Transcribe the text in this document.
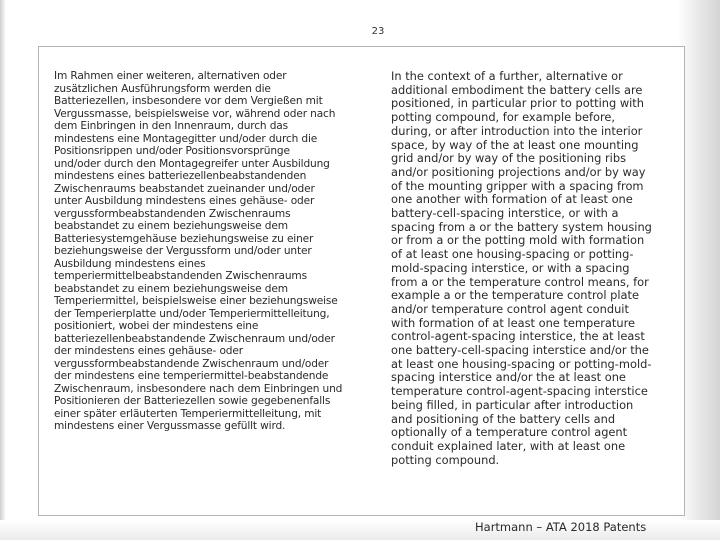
23

Im Rahmen einer weiteren, alternativen oder
zusätzlichen Ausführungsform werden die
Batteriezellen, insbesondere vor dem Vergießen mit
Vergussmasse, beispielsweise vor, während oder nach
dem Einbringen in den Innenraum, durch das
mindestens eine Montagegitter und/oder durch die
Positionsrippen und/oder Positionsvorsprünge
und/oder durch den Montagegreifer unter Ausbildung
mindestens eines batteriezellenbeabstandenden
Zwischenraums beabstandet zueinander und/oder
unter Ausbildung mindestens eines gehäuse- oder
vergussformbeabstandenden Zwischenraums
beabstandet zu einem beziehungsweise dem
Batteriesystemgehäuse beziehungsweise zu einer
beziehungsweise der Vergussform und/oder unter
Ausbildung mindestens eines
temperiermittelbeabstandenden Zwischenraums
beabstandet zu einem beziehungsweise dem
Temperiermittel, beispielsweise einer beziehungsweise
der Temperierplatte und/oder Temperiermittelleitung,
positioniert, wobei der mindestens eine
batteriezellenbeabstandende Zwischenraum und/oder
der mindestens eines gehäuse- oder
vergussformbeabstandende Zwischenraum und/oder
der mindestens eine temperiermittel-beabstandende
Zwischenraum, insbesondere nach dem Einbringen und
Positionieren der Batteriezellen sowie gegebenenfalls
einer später erläuterten Temperiermittelleitung, mit
mindestens einer Vergussmasse gefüllt wird.

In the context of a further, alternative or
additional embodiment the battery cells are
positioned, in particular prior to potting with
potting compound, for example before,
during, or after introduction into the interior
space, by way of the at least one mounting
grid and/or by way of the positioning ribs
and/or positioning projections and/or by way
of the mounting gripper with a spacing from
one another with formation of at least one
battery-cell-spacing interstice, or with a
spacing from a or the battery system housing
or from a or the potting mold with formation
of at least one housing-spacing or potting-
mold-spacing interstice, or with a spacing
from a or the temperature control means, for
example a or the temperature control plate
and/or temperature control agent conduit
with formation of at least one temperature
control-agent-spacing interstice, the at least
one battery-cell-spacing interstice and/or the
at least one housing-spacing or potting-mold-
spacing interstice and/or the at least one
temperature control-agent-spacing interstice
being filled, in particular after introduction
and positioning of the battery cells and
optionally of a temperature control agent
conduit explained later, with at least one
potting compound.

Hartmann – ATA 2018 Patents
